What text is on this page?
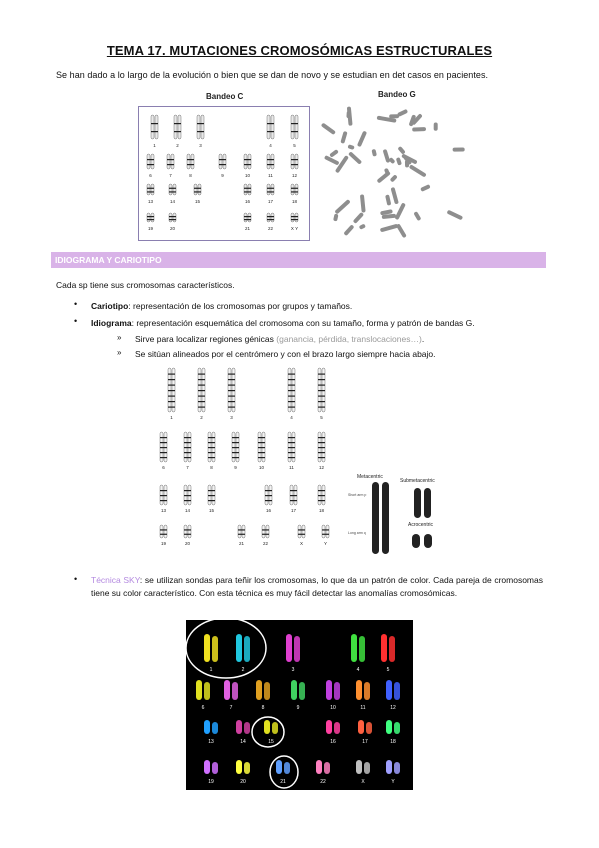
TEMA 17. MUTACIONES CROMOSÓMICAS ESTRUCTURALES
Se han dado a lo largo de la evolución o bien que se dan de novo y se estudian en det casos en pacientes.
Bandeo C	Bandeo G
1	2	3	4	5
6	7	8	9	10	11	12
13	14	15	16	17	18
19	20	21	22	X Y
IDIOGRAMA Y CARIOTIPO
Cada sp tiene sus cromosomas característicos.
• Cariotipo: representación de los cromosomas por grupos y tamaños.
• Idiograma: representación esquemática del cromosoma con su tamaño, forma y patrón de bandas G.
» Sirve para localizar regiones génicas (ganancia, pérdida, translocaciones…).
» Se sitúan alineados por el centrómero y con el brazo largo siempre hacia abajo.
1	2	3	4	5
6	7	8	9	10	11	12
13	14	15	16	17	18
19	20	21	22	X	Y
Metacentric
Submetacentric
Acrocentric
Short arm p
Long arm q
• Técnica SKY: se utilizan sondas para teñir los cromosomas, lo que da un patrón de color. Cada pareja de cromosomas tiene su color característico. Con esta técnica es muy fácil detectar las anomalías cromosómicas.
1	2	3	4	5
6	7	8	9	10	11	12
13	14	15	16	17	18
19	20	21	22	X	Y
